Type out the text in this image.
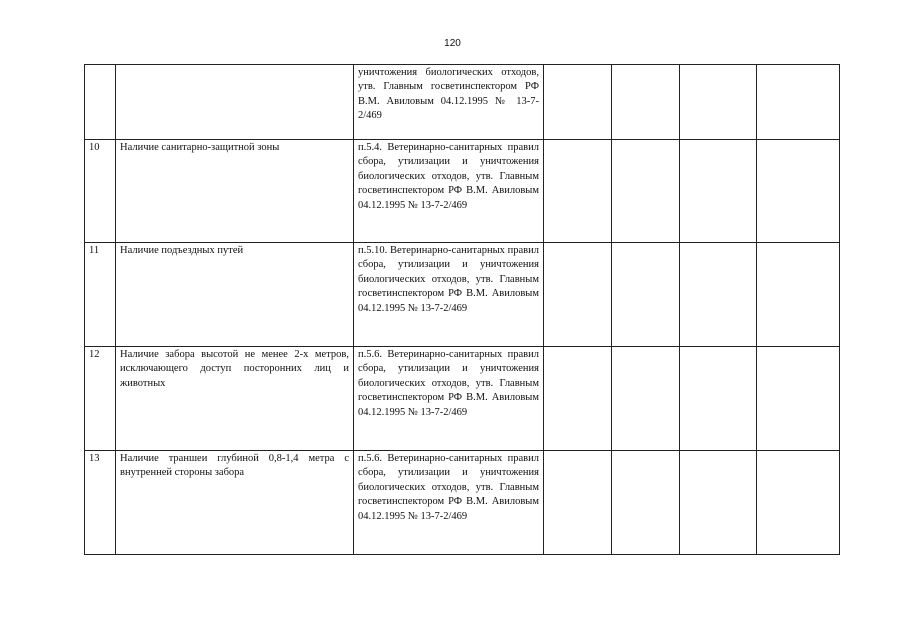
120
		уничтожения биологических отходов, утв. Главным госветинспектором РФ В.М. Авиловым 04.12.1995 № 13-7-2/469				
10	Наличие санитарно-защитной зоны	п.5.4. Ветеринарно-санитарных правил сбора, утилизации и уничтожения биологических отходов, утв. Главным госветинспектором РФ В.М. Авиловым 04.12.1995 № 13-7-2/469				
11	Наличие подъездных путей	п.5.10. Ветеринарно-санитарных правил сбора, утилизации и уничтожения биологических отходов, утв. Главным госветинспектором РФ В.М. Авиловым 04.12.1995 № 13-7-2/469				
12	Наличие забора высотой не менее 2-х метров, исключающего доступ посторонних лиц и животных	п.5.6. Ветеринарно-санитарных правил сбора, утилизации и уничтожения биологических отходов, утв. Главным госветинспектором РФ В.М. Авиловым 04.12.1995 № 13-7-2/469				
13	Наличие траншеи глубиной 0,8-1,4 метра с внутренней стороны забора	п.5.6. Ветеринарно-санитарных правил сбора, утилизации и уничтожения биологических отходов, утв. Главным госветинспектором РФ В.М. Авиловым 04.12.1995 № 13-7-2/469				
